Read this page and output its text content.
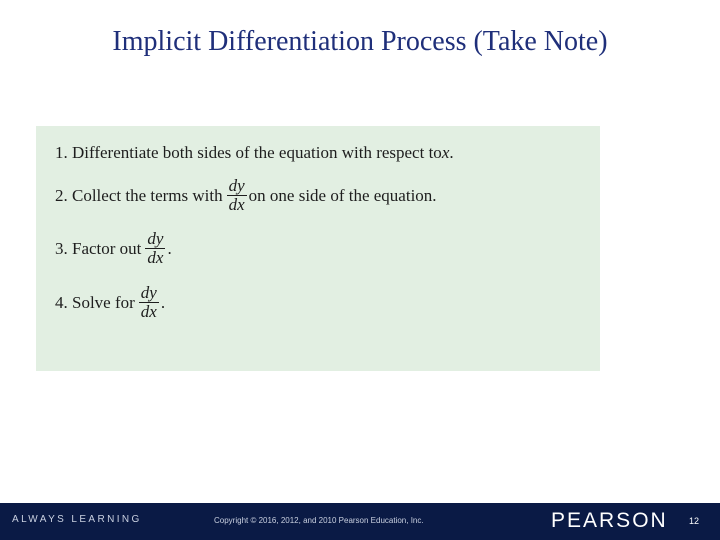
Implicit Differentiation Process (Take Note)
1. Differentiate both sides of the equation with respect to x .
2. Collect the terms with $\frac{dy}{dx}$ on one side of the equation.
3. Factor out $\frac{dy}{dx}$ .
4. Solve for $\frac{dy}{dx}$ .
ALWAYS LEARNING	Copyright © 2016, 2012, and 2010 Pearson Education, Inc.	PEARSON 12
